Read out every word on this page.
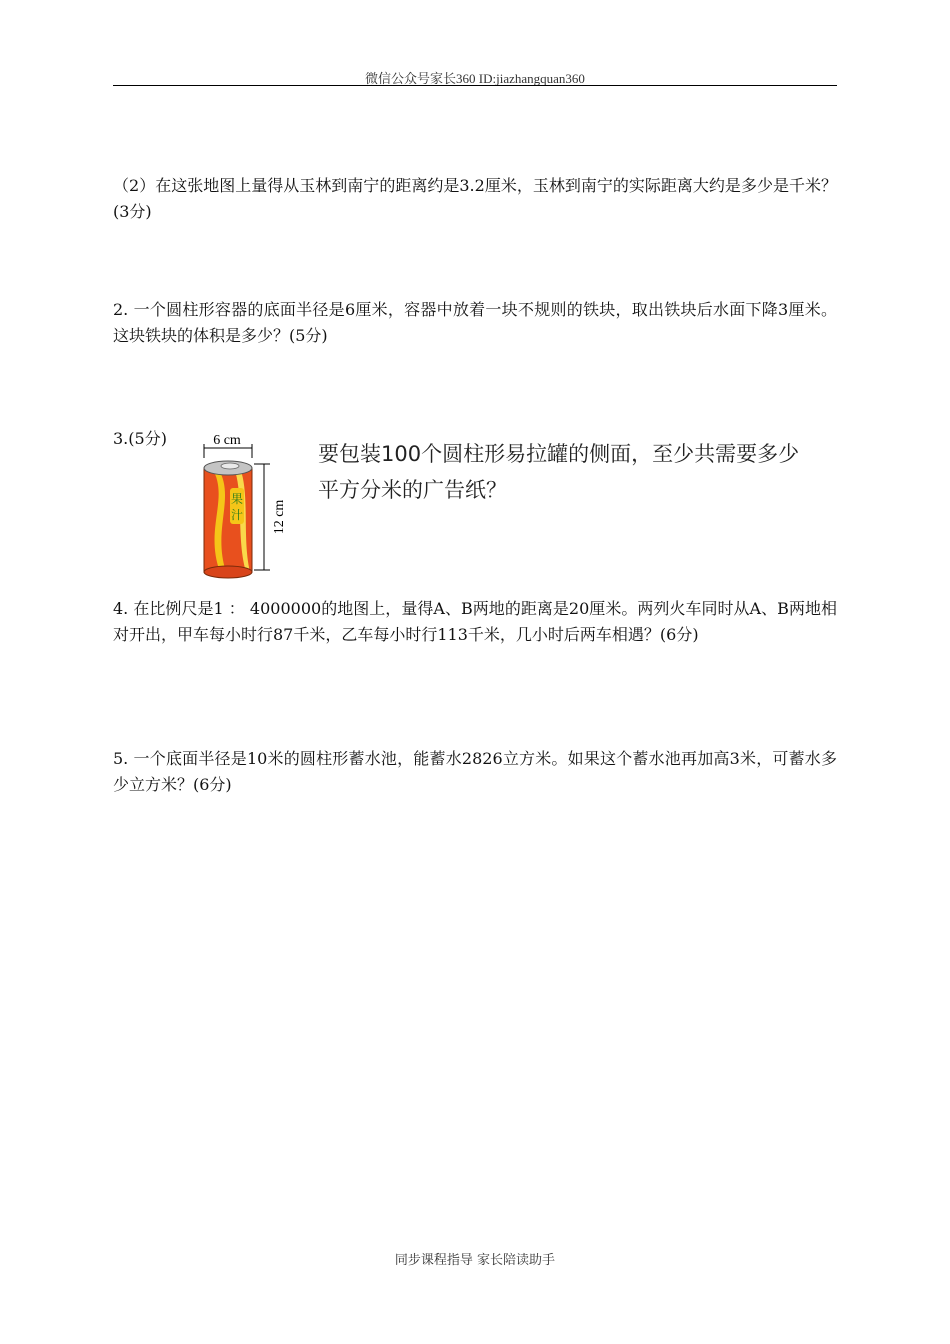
微信公众号家长360 ID:jiazhangquan360
（2）在这张地图上量得从玉林到南宁的距离约是3.2厘米，玉林到南宁的实际距离大约是多少是千米？(3分)
2. 一个圆柱形容器的底面半径是6厘米，容器中放着一块不规则的铁块，取出铁块后水面下降3厘米。这块铁块的体积是多少？(5分)
3.(5分)	6 cm
果
汁 12 cm
要包装100个圆柱形易拉罐的侧面，至少共需要多少平方分米的广告纸？
4. 在比例尺是1 ： 4000000的地图上，量得A、B两地的距离是20厘米。两列火车同时从A、B两地相对开出，甲车每小时行87千米，乙车每小时行113千米，几小时后两车相遇？(6分)
5. 一个底面半径是10米的圆柱形蓄水池，能蓄水2826立方米。如果这个蓄水池再加高3米，可蓄水多少立方米？(6分)
同步课程指导 家长陪读助手
